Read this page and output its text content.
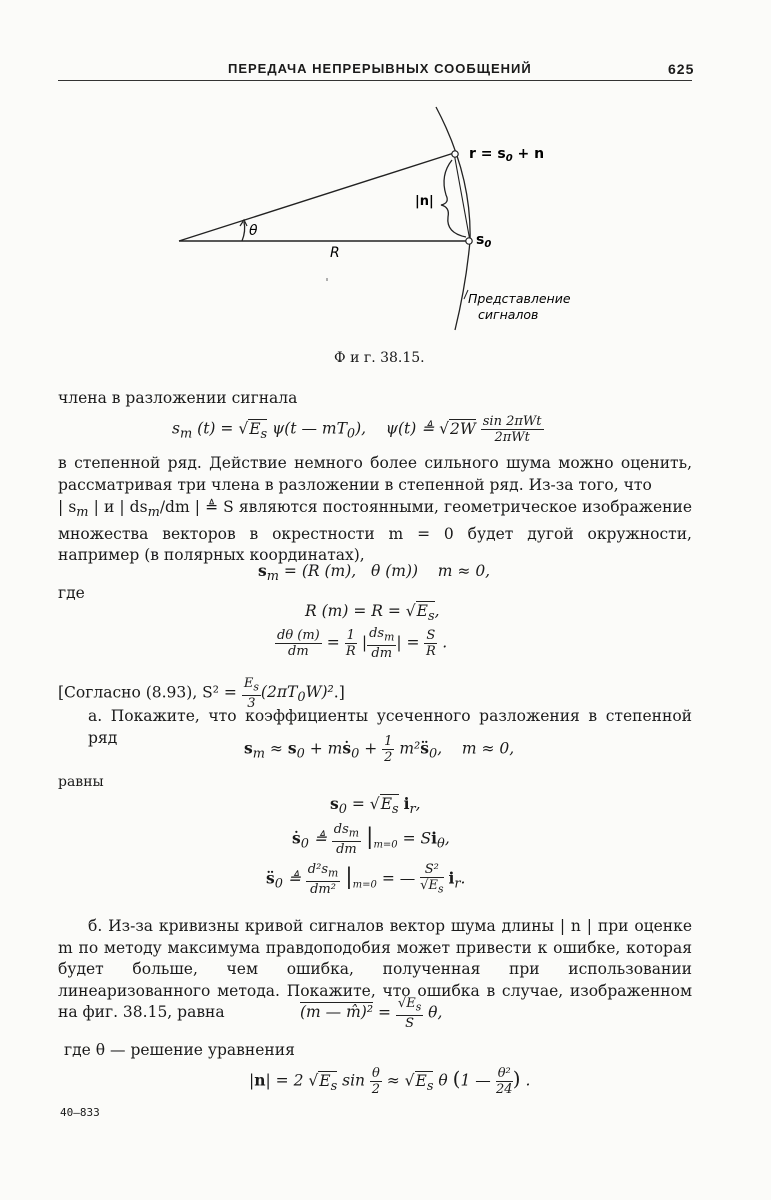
ПЕРЕДАЧА НЕПРЕРЫВНЫХ СООБЩЕНИЙ	625
$r = s_0 + n$
|n|
$s_0$
θ
R
Представление
сигналов
Ф и г. 38.15.
члена в разложении сигнала
$s_m$ $(t) = √E_s$ ψ(t — $mT_0$),    ψ(t) ≜ $√2W \frac{\text{sin 2πWt}}{\text{2πWt}}$
в степенной ряд. Действие немного более сильного шума можно оценить, рассматривая три члена в разложении в степенной ряд. Из-за того, что
| $s_m$ | и | $ds_m/dm$ | ≜ S являются постоянными, геометрическое изображение множества векторов в окрестности m = 0 будет дугой окружности, например (в полярных координатах),
$s_m = (R$ (m),   θ (m))    m ≈ 0,
где
R $(m) = R = √E_s$,
$\frac{d\theta (m)}{dm} = \frac{1}{R}$ | $\frac{ds_m}{dm}$ | = $\frac{S}{R}$ .
[Согласно (8.93), $S^2 = \frac{E_s}{3} (2\pi T_0W)^2$.]
а. Покажите, что коэффициенты усеченного разложения в степенной ряд
$s_m \approx s_0$ + mṡ$_0$ + $\frac{1}{2}$ $m^2s̈_0$,    m ≈ 0,
равны
$s_0 = √E_s$ $i_r$,
ṡ$_0$ ≜ $\frac{ds_m}{dm} |_{m=0} = Si_\theta$,
$s̈_0$ ≜ $\frac{d^2s_m}{\text{dm²}} |_{m=0}$ = — $\frac{\text{S²}}{√E_s} i_r$.
б. Из-за кривизны кривой сигналов вектор шума длины | n | при оценке m по методу максимума правдоподобия может привести к ошибке, которая будет больше, чем ошибка, полученная при использовании линеаризованного метода. Покажите, что ошибка в случае, изображенном на фиг. 38.15, равна	(m — m̂)² = $\frac{√E_s}{S} \theta$,
где θ — решение уравнения
|n| = 2 $√E_s$ $\sin \frac{\theta}{2} \approx √E_s$ θ (1 — $\frac{\text{θ²}}{24}$ ) .
40—833
